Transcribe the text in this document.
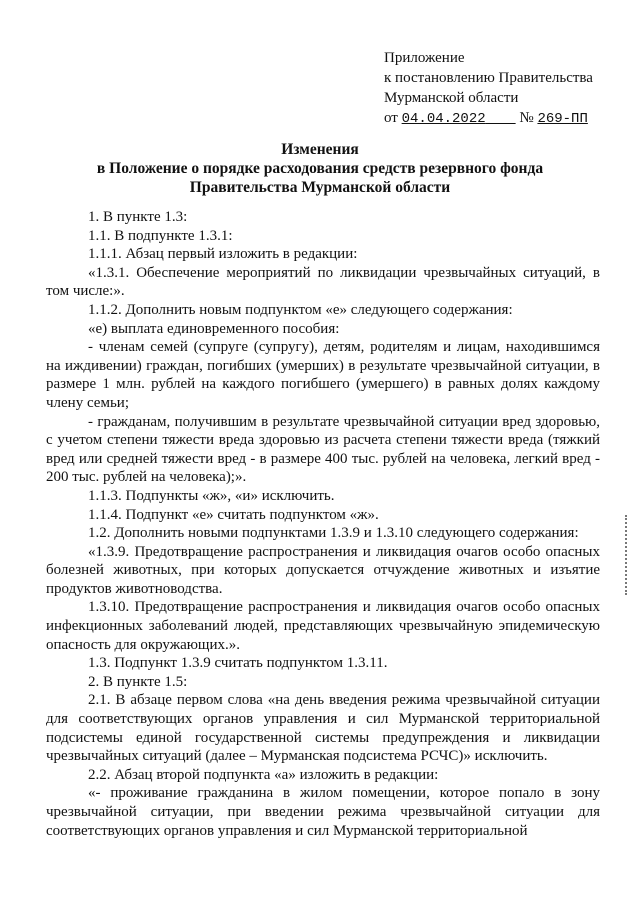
Приложение
к постановлению Правительства
Мурманской области
от 04.04.2022 № 269-ПП
Изменения
в Положение о порядке расходования средств резервного фонда
Правительства Мурманской области

1. В пункте 1.3:

1.1. В подпункте 1.3.1:

1.1.1. Абзац первый изложить в редакции:

«1.3.1. Обеспечение мероприятий по ликвидации чрезвычайных ситуаций, в том числе:».

1.1.2. Дополнить новым подпунктом «е» следующего содержания:

«е) выплата единовременного пособия:

- членам семей (супруге (супругу), детям, родителям и лицам, находившимся на иждивении) граждан, погибших (умерших) в результате чрезвычайной ситуации, в размере 1 млн. рублей на каждого погибшего (умершего) в равных долях каждому члену семьи;

- гражданам, получившим в результате чрезвычайной ситуации вред здоровью, с учетом степени тяжести вреда здоровью из расчета степени тяжести вреда (тяжкий вред или средней тяжести вред - в размере 400 тыс. рублей на человека, легкий вред - 200 тыс. рублей на человека);».

1.1.3. Подпункты «ж», «и» исключить.

1.1.4. Подпункт «е» считать подпунктом «ж».

1.2. Дополнить новыми подпунктами 1.3.9 и 1.3.10 следующего содержания:

«1.3.9. Предотвращение распространения и ликвидация очагов особо опасных болезней животных, при которых допускается отчуждение животных и изъятие продуктов животноводства.

1.3.10. Предотвращение распространения и ликвидация очагов особо опасных инфекционных заболеваний людей, представляющих чрезвычайную эпидемическую опасность для окружающих.».

1.3. Подпункт 1.3.9 считать подпунктом 1.3.11.

2. В пункте 1.5:

2.1. В абзаце первом слова «на день введения режима чрезвычайной ситуации для соответствующих органов управления и сил Мурманской территориальной подсистемы единой государственной системы предупреждения и ликвидации чрезвычайных ситуаций (далее – Мурманская подсистема РСЧС)» исключить.

2.2. Абзац второй подпункта «а» изложить в редакции:

«- проживание гражданина в жилом помещении, которое попало в зону чрезвычайной ситуации, при введении режима чрезвычайной ситуации для соответствующих органов управления и сил Мурманской территориальной
